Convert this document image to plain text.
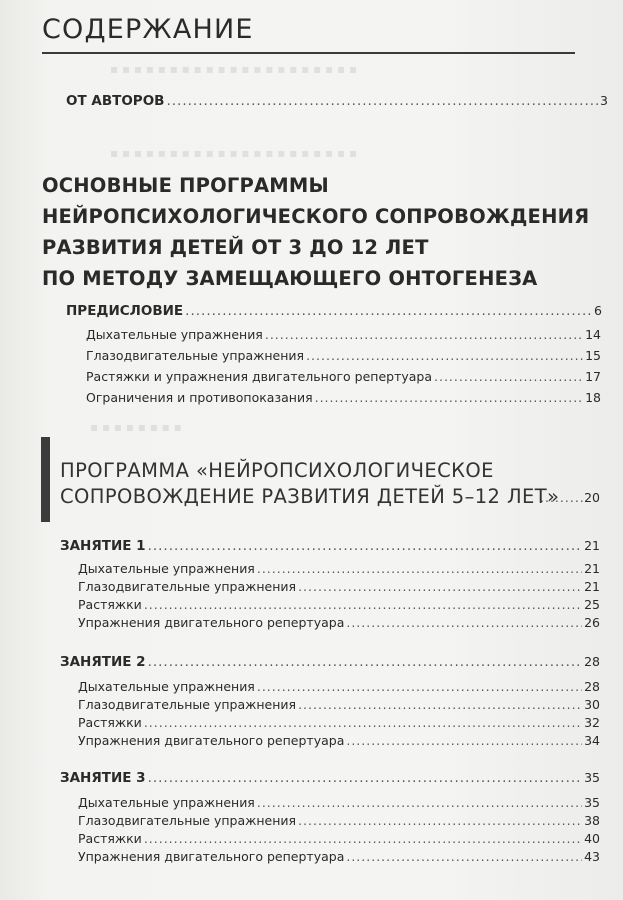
▪ ▪ ▪ ▪ ▪ ▪ ▪ ▪ ▪ ▪ ▪ ▪ ▪ ▪ ▪ ▪ ▪ ▪ ▪ ▪ ▪
▪ ▪ ▪ ▪ ▪ ▪ ▪ ▪ ▪ ▪ ▪ ▪ ▪ ▪ ▪ ▪ ▪ ▪ ▪ ▪ ▪
▪ ▪ ▪ ▪ ▪ ▪ ▪ ▪
СОДЕРЖАНИЕ
ОТ АВТОРОВ .....	3
ОСНОВНЫЕ ПРОГРАММЫ
НЕЙРОПСИХОЛОГИЧЕСКОГО СОПРОВОЖДЕНИЯ
РАЗВИТИЯ ДЕТЕЙ ОТ 3 ДО 12 ЛЕТ
ПО МЕТОДУ ЗАМЕЩАЮЩЕГО ОНТОГЕНЕЗА
ПРЕДИСЛОВИЕ .....	6
Дыхательные упражнения .....	14
Глазодвигательные упражнения .....	15
Растяжки и упражнения двигательного репертуара .....	17
Ограничения и противопоказания .....	18
ПРОГРАММА «НЕЙРОПСИХОЛОГИЧЕСКОЕ
СОПРОВОЖДЕНИЕ РАЗВИТИЯ ДЕТЕЙ 5–12 ЛЕТ» ..... 20
ЗАНЯТИЕ 1 .....	21
Дыхательные упражнения .....	21
Глазодвигательные упражнения .....	21
Растяжки .....	25
Упражнения двигательного репертуара .....	26
ЗАНЯТИЕ 2 .....	28
Дыхательные упражнения .....	28
Глазодвигательные упражнения .....	30
Растяжки .....	32
Упражнения двигательного репертуара .....	34
ЗАНЯТИЕ 3 .....	35
Дыхательные упражнения .....	35
Глазодвигательные упражнения .....	38
Растяжки .....	40
Упражнения двигательного репертуара .....	43
